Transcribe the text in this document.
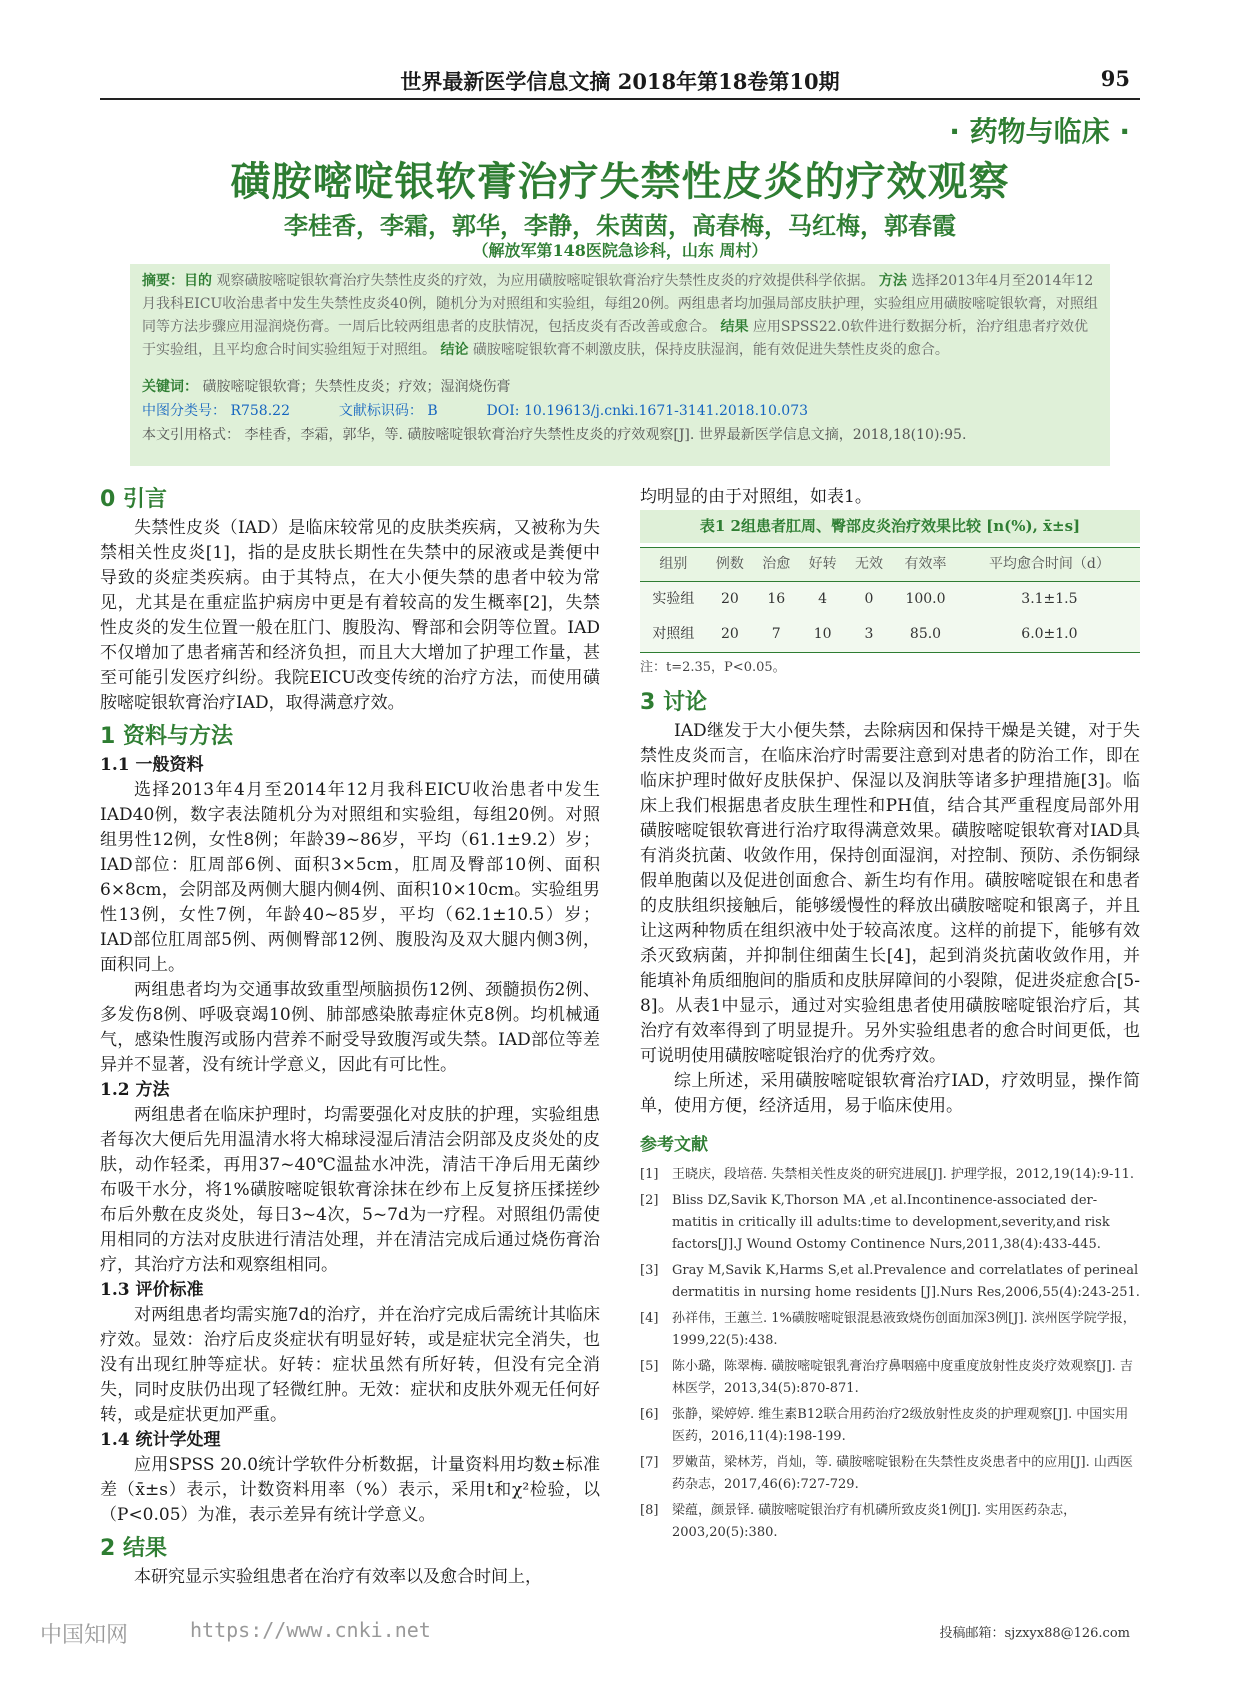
世界最新医学信息文摘 2018年第18卷第10期	95
· 药物与临床 ·
磺胺嘧啶银软膏治疗失禁性皮炎的疗效观察
李桂香，李霜，郭华，李静，朱茵茵，高春梅，马红梅，郭春霞
（解放军第148医院急诊科，山东 周村）
摘要：目的 观察磺胺嘧啶银软膏治疗失禁性皮炎的疗效，为应用磺胺嘧啶银软膏治疗失禁性皮炎的疗效提供科学依据。 方法 选择2013年4月至2014年12月我科EICU收治患者中发生失禁性皮炎40例，随机分为对照组和实验组，每组20例。两组患者均加强局部皮肤护理，实验组应用磺胺嘧啶银软膏，对照组同等方法步骤应用湿润烧伤膏。一周后比较两组患者的皮肤情况，包括皮炎有否改善或愈合。 结果 应用SPSS22.0软件进行数据分析，治疗组患者疗效优于实验组，且平均愈合时间实验组短于对照组。 结论 磺胺嘧啶银软膏不刺激皮肤，保持皮肤湿润，能有效促进失禁性皮炎的愈合。
关键词： 磺胺嘧啶银软膏；失禁性皮炎；疗效；湿润烧伤膏
中图分类号： R758.22	文献标识码： B	DOI: 10.19613/j.cnki.1671-3141.2018.10.073
本文引用格式： 李桂香，李霜，郭华，等. 磺胺嘧啶银软膏治疗失禁性皮炎的疗效观察[J]. 世界最新医学信息文摘，2018,18(10):95.
0 引言

失禁性皮炎（IAD）是临床较常见的皮肤类疾病，又被称为失禁相关性皮炎[1]，指的是皮肤长期性在失禁中的尿液或是粪便中导致的炎症类疾病。由于其特点，在大小便失禁的患者中较为常见，尤其是在重症监护病房中更是有着较高的发生概率[2]，失禁性皮炎的发生位置一般在肛门、腹股沟、臀部和会阴等位置。IAD不仅增加了患者痛苦和经济负担，而且大大增加了护理工作量，甚至可能引发医疗纠纷。我院EICU改变传统的治疗方法，而使用磺胺嘧啶银软膏治疗IAD，取得满意疗效。

1 资料与方法
1.1 一般资料

选择2013年4月至2014年12月我科EICU收治患者中发生IAD40例，数字表法随机分为对照组和实验组，每组20例。对照组男性12例，女性8例；年龄39~86岁，平均（61.1±9.2）岁；IAD部位：肛周部6例、面积3×5cm，肛周及臀部10例、面积6×8cm，会阴部及两侧大腿内侧4例、面积10×10cm。实验组男性13例，女性7例，年龄40~85岁，平均（62.1±10.5）岁；IAD部位肛周部5例、两侧臀部12例、腹股沟及双大腿内侧3例，面积同上。

两组患者均为交通事故致重型颅脑损伤12例、颈髓损伤2例、多发伤8例、呼吸衰竭10例、肺部感染脓毒症休克8例。均机械通气，感染性腹泻或肠内营养不耐受导致腹泻或失禁。IAD部位等差异并不显著，没有统计学意义，因此有可比性。

1.2 方法

两组患者在临床护理时，均需要强化对皮肤的护理，实验组患者每次大便后先用温清水将大棉球浸湿后清洁会阴部及皮炎处的皮肤，动作轻柔，再用37~40℃温盐水冲洗，清洁干净后用无菌纱布吸干水分，将1%磺胺嘧啶银软膏涂抹在纱布上反复挤压揉搓纱布后外敷在皮炎处，每日3~4次，5~7d为一疗程。对照组仍需使用相同的方法对皮肤进行清洁处理，并在清洁完成后通过烧伤膏治疗，其治疗方法和观察组相同。

1.3 评价标准

对两组患者均需实施7d的治疗，并在治疗完成后需统计其临床疗效。显效：治疗后皮炎症状有明显好转，或是症状完全消失，也没有出现红肿等症状。好转：症状虽然有所好转，但没有完全消失，同时皮肤仍出现了轻微红肿。无效：症状和皮肤外观无任何好转，或是症状更加严重。

1.4 统计学处理

应用SPSS 20.0统计学软件分析数据，计量资料用均数±标准差（x̄±s）表示，计数资料用率（%）表示，采用t和χ²检验，以（P<0.05）为准，表示差异有统计学意义。

2 结果

本研究显示实验组患者在治疗有效率以及愈合时间上，

均明显的由于对照组，如表1。

表1 2组患者肛周、臀部皮炎治疗效果比较 [n(%), x̄±s]
组别	例数	治愈	好转	无效	有效率	平均愈合时间（d）
实验组	20	16	4	0	100.0	3.1±1.5
对照组	20	7	10	3	85.0	6.0±1.0
注：t=2.35，P<0.05。
3 讨论

IAD继发于大小便失禁，去除病因和保持干燥是关键，对于失禁性皮炎而言，在临床治疗时需要注意到对患者的防治工作，即在临床护理时做好皮肤保护、保湿以及润肤等诸多护理措施[3]。临床上我们根据患者皮肤生理性和PH值，结合其严重程度局部外用磺胺嘧啶银软膏进行治疗取得满意效果。磺胺嘧啶银软膏对IAD具有消炎抗菌、收敛作用，保持创面湿润，对控制、预防、杀伤铜绿假单胞菌以及促进创面愈合、新生均有作用。磺胺嘧啶银在和患者的皮肤组织接触后，能够缓慢性的释放出磺胺嘧啶和银离子，并且让这两种物质在组织液中处于较高浓度。这样的前提下，能够有效杀灭致病菌，并抑制住细菌生长[4]，起到消炎抗菌收敛作用，并能填补角质细胞间的脂质和皮肤屏障间的小裂隙，促进炎症愈合[5-8]。从表1中显示，通过对实验组患者使用磺胺嘧啶银治疗后，其治疗有效率得到了明显提升。另外实验组患者的愈合时间更低，也可说明使用磺胺嘧啶银治疗的优秀疗效。

综上所述，采用磺胺嘧啶银软膏治疗IAD，疗效明显，操作简单，使用方便，经济适用，易于临床使用。

参考文献
[1] 王晓庆，段培蓓. 失禁相关性皮炎的研究进展[J]. 护理学报，2012,19(14):9-11.
[2] Bliss DZ,Savik K,Thorson MA ,et al.Incontinence-associated der-matitis in critically ill adults:time to development,severity,and risk factors[J].J Wound Ostomy Continence Nurs,2011,38(4):433-445.
[3] Gray M,Savik K,Harms S,et al.Prevalence and correlatlates of perineal dermatitis in nursing home residents [J].Nurs Res,2006,55(4):243-251.
[4] 孙祥伟，王蕙兰. 1%磺胺嘧啶银混悬液致烧伤创面加深3例[J]. 滨州医学院学报，1999,22(5):438.
[5] 陈小璐，陈翠梅. 磺胺嘧啶银乳膏治疗鼻咽癌中度重度放射性皮炎疗效观察[J]. 吉林医学，2013,34(5):870-871.
[6] 张静，梁婷婷. 维生素B12联合用药治疗2级放射性皮炎的护理观察[J]. 中国实用医药，2016,11(4):198-199.
[7] 罗嫩苗，梁林芳，肖灿，等. 磺胺嘧啶银粉在失禁性皮炎患者中的应用[J]. 山西医药杂志，2017,46(6):727-729.
[8] 梁蕴，颜景铎. 磺胺嘧啶银治疗有机磷所致皮炎1例[J]. 实用医药杂志，2003,20(5):380.
中国知网	https://www.cnki.net	投稿邮箱：sjzxyx88@126.com
